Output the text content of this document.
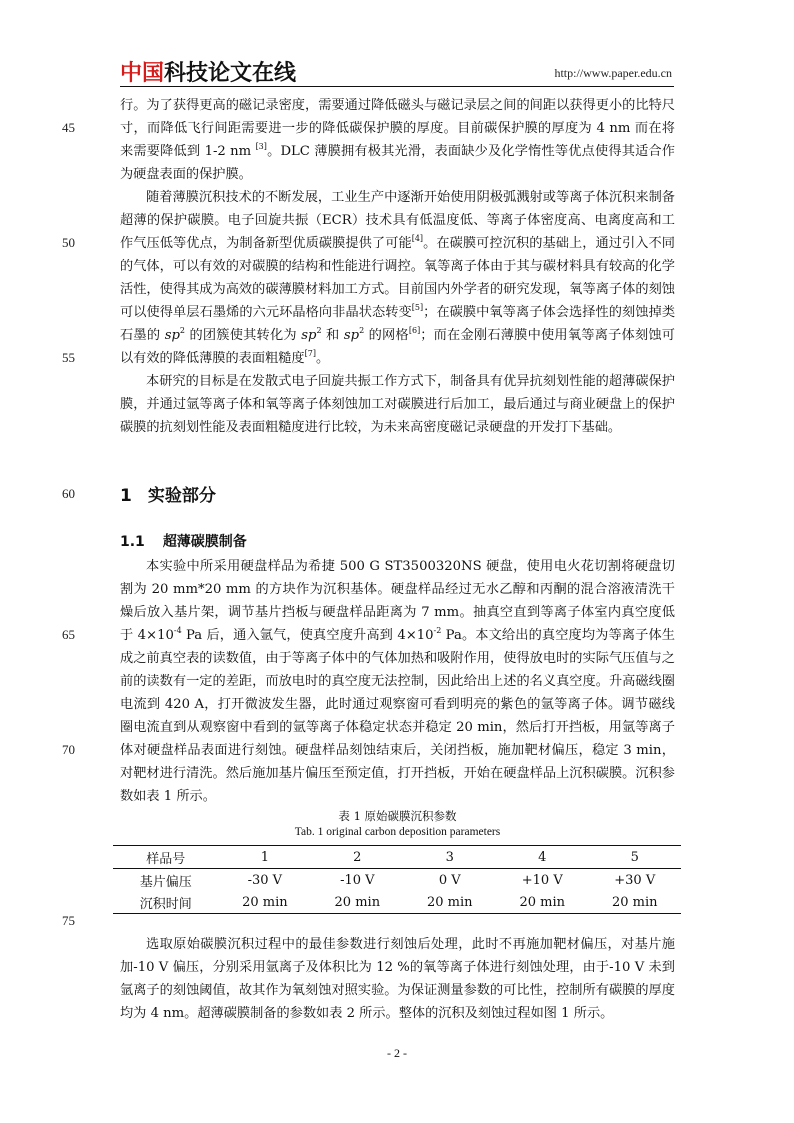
中国 科技论文在线	http://www.paper.edu.cn
45
50
55
60
65
70
75

行。为了获得更高的磁记录密度，需要通过降低磁头与磁记录层之间的间距以获得更小的比特尺寸，而降低飞行间距需要进一步的降低碳保护膜的厚度。目前碳保护膜的厚度为 4 nm 而在将来需要降低到 1-2 nm [3]。DLC 薄膜拥有极其光滑，表面缺少及化学惰性等优点使得其适合作为硬盘表面的保护膜。

随着薄膜沉积技术的不断发展，工业生产中逐渐开始使用阴极弧溅射或等离子体沉积来制备超薄的保护碳膜。电子回旋共振（ECR）技术具有低温度低、等离子体密度高、电离度高和工作气压低等优点，为制备新型优质碳膜提供了可能[4]。在碳膜可控沉积的基础上，通过引入不同的气体，可以有效的对碳膜的结构和性能进行调控。氧等离子体由于其与碳材料具有较高的化学活性，使得其成为高效的碳薄膜材料加工方式。目前国内外学者的研究发现，氧等离子体的刻蚀可以使得单层石墨烯的六元环晶格向非晶状态转变[5]；在碳膜中氧等离子体会选择性的刻蚀掉类石墨的 $sp^2$ 的团簇使其转化为 $sp^2$ 和 $sp^2$ 的网格[6]；而在金刚石薄膜中使用氧等离子体刻蚀可以有效的降低薄膜的表面粗糙度[7]。

本研究的目标是在发散式电子回旋共振工作方式下，制备具有优异抗刻划性能的超薄碳保护膜，并通过氩等离子体和氧等离子体刻蚀加工对碳膜进行后加工，最后通过与商业硬盘上的保护碳膜的抗刻划性能及表面粗糙度进行比较，为未来高密度磁记录硬盘的开发打下基础。

1 实验部分
1.1 超薄碳膜制备

本实验中所采用硬盘样品为希捷 500 G ST3500320NS 硬盘，使用电火花切割将硬盘切割为 20 mm*20 mm 的方块作为沉积基体。硬盘样品经过无水乙醇和丙酮的混合溶液清洗干燥后放入基片架，调节基片挡板与硬盘样品距离为 7 mm。抽真空直到等离子体室内真空度低于 $4\times 10^{-4}$ Pa 后，通入氩气，使真空度升高到 $4\times 10^{-2}$ Pa。本文给出的真空度均为等离子体生成之前真空表的读数值，由于等离子体中的气体加热和吸附作用，使得放电时的实际气压值与之前的读数有一定的差距，而放电时的真空度无法控制，因此给出上述的名义真空度。升高磁线圈电流到 420 A，打开微波发生器，此时通过观察窗可看到明亮的紫色的氩等离子体。调节磁线圈电流直到从观察窗中看到的氩等离子体稳定状态并稳定 20 min，然后打开挡板，用氩等离子体对硬盘样品表面进行刻蚀。硬盘样品刻蚀结束后，关闭挡板，施加靶材偏压，稳定 3 min，对靶材进行清洗。然后施加基片偏压至预定值，打开挡板，开始在硬盘样品上沉积碳膜。沉积参数如表 1 所示。

表 1 原始碳膜沉积参数
Tab. 1 original carbon deposition parameters
样品号	1	2	3	4	5
基片偏压	-30 V	-10 V	0 V	+10 V	+30 V
沉积时间	20 min	20 min	20 min	20 min	20 min

选取原始碳膜沉积过程中的最佳参数进行刻蚀后处理，此时不再施加靶材偏压，对基片施加-10 V 偏压，分别采用氩离子及体积比为 12 %的氧等离子体进行刻蚀处理，由于-10 V 未到氩离子的刻蚀阈值，故其作为氧刻蚀对照实验。为保证测量参数的可比性，控制所有碳膜的厚度均为 4 nm。超薄碳膜制备的参数如表 2 所示。整体的沉积及刻蚀过程如图 1 所示。

- 2 -
